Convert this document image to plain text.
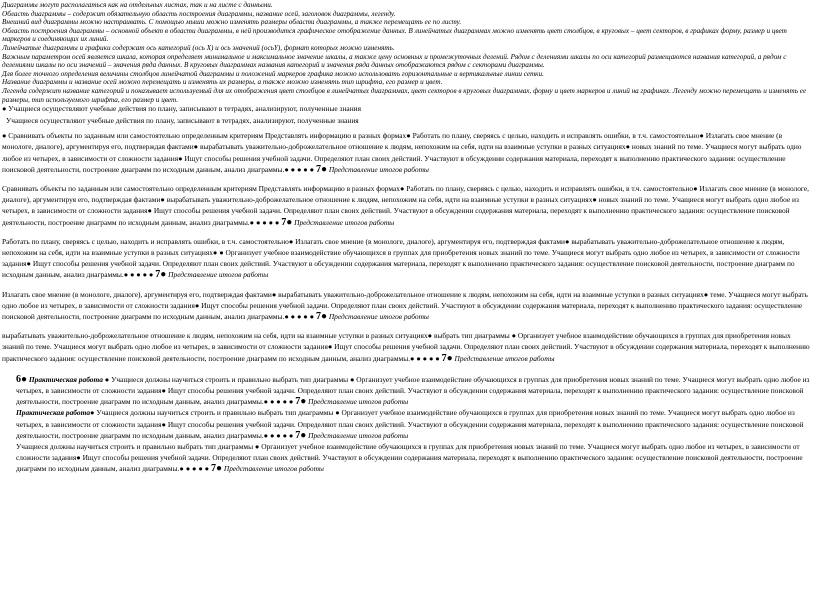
Диаграммы могут располагаться как на отдельных листах, так и на листе с данными.

Область диаграммы – содержит обязательную область построения диаграммы, название осей, заголовок диаграммы, легенду.

Внешний вид диаграммы можно настраивать. С помощью мыши можно изменять размеры области диаграммы, а также перемещать ее по листу.

Область построения диаграммы – основной объект в области диаграммы, в ней производится графическое отображение данных. В линейчатых диаграммах можно изменять цвет столбцов, в круговых – цвет секторов, в графиках форму, размер и цвет маркеров и соединяющих их линий.

Линейчатые диаграммы и графики содержат ось категорий (ось Х) и ось значений (осьY), формат которых можно изменять.

Важным параметром осей является шкала, которая определяет минимальное и максимальное значение шкалы, а также цену основных и промежуточных делений. Рядом с делениями шкалы по оси категорий размещаются названия категорий, а рядом с делениями шкалы по оси значений – значения ряда данных. В круговых диаграммах названия категорий и значения ряда данных отображаются рядом с секторами диаграммы.

Для более точного определения величины столбцов линейчатой диаграммы и положений маркеров графика можно использовать горизонтальные и вертикальные линии сетки.

Название диаграммы и название осей можно перемещать и изменять их размеры, а также можно изменять тип шрифта, его размер и цвет.

Легенда содержит название категорий и показывает используемый для их отображения цвет столбцов в линейчатых диаграммах, цвет секторов в круговых диаграммах, форму и цвет маркеров и линий на графиках. Легенду можно перемещать и изменять ее размеры, тип используемого шрифта, его размер и цвет.

● Учащиеся осуществляют учебные действия по плану, записывают в тетрадях, анализируют, полученные знания

Учащиеся осуществляют учебные действия по плану, записывают в тетрадях, анализируют, полученные знания

● Сравнивать объекты по заданным или самостоятельно определенным критериям Представлять информацию в разных формах● Работать по плану, сверяясь с целью, находить и исправлять ошибки, в т.ч. самостоятельно● Излагать свое мнение (в монологе, диалоге), аргументируя его, подтверждая фактами● вырабатывать уважительно-доброжелательное отношение к людям, непохожим на себя, идти на взаимные уступки в разных ситуациях● новых знаний по теме. Учащиеся могут выбрать одно любое из четырех, в зависимости от сложности задания● Ищут способы решения учебной задачи. Определяют план своих действий. Участвуют в обсуждении содержания материала, переходят к выполнению практического задания: осуществление поисковой деятельности, построение диаграмм по исходным данным, анализ диаграммы.● ● ● ● ● 7● Представление итогов работы

Сравнивать объекты по заданным или самостоятельно определенным критериям Представлять информацию в разных формах● Работать по плану, сверяясь с целью, находить и исправлять ошибки, в т.ч. самостоятельно● Излагать свое мнение (в монологе, диалоге), аргументируя его, подтверждая фактами● вырабатывать уважительно-доброжелательное отношение к людям, непохожим на себя, идти на взаимные уступки в разных ситуациях● новых знаний по теме. Учащиеся могут выбрать одно любое из четырех, в зависимости от сложности задания● Ищут способы решения учебной задачи. Определяют план своих действий. Участвуют в обсуждении содержания материала, переходят к выполнению практического задания: осуществление поисковой деятельности, построение диаграмм по исходным данным, анализ диаграммы.● ● ● ● ● 7● Представление итогов работы

Работать по плану, сверяясь с целью, находить и исправлять ошибки, в т.ч. самостоятельно● Излагать свое мнение (в монологе, диалоге), аргументируя его, подтверждая фактами● вырабатывать уважительно-доброжелательное отношение к людям, непохожим на себя, идти на взаимные уступки в разных ситуациях● ● Организует учебное взаимодействие обучающихся в группах для приобретения новых знаний по теме. Учащиеся могут выбрать одно любое из четырех, в зависимости от сложности задания● Ищут способы решения учебной задачи. Определяют план своих действий. Участвуют в обсуждении содержания материала, переходят к выполнению практического задания: осуществление поисковой деятельности, построение диаграмм по исходным данным, анализ диаграммы.● ● ● ● ● 7● Представление итогов работы

Излагать свое мнение (в монологе, диалоге), аргументируя его, подтверждая фактами● вырабатывать уважительно-доброжелательное отношение к людям, непохожим на себя, идти на взаимные уступки в разных ситуациях● теме. Учащиеся могут выбрать одно любое из четырех, в зависимости от сложности задания● Ищут способы решения учебной задачи. Определяют план своих действий. Участвуют в обсуждении содержания материала, переходят к выполнению практического задания: осуществление поисковой деятельности, построение диаграмм по исходным данным, анализ диаграммы.● ● ● ● ● 7● Представление итогов работы

вырабатывать уважительно-доброжелательное отношение к людям, непохожим на себя, идти на взаимные уступки в разных ситуациях● выбрать тип диаграммы ● Организует учебное взаимодействие обучающихся в группах для приобретения новых знаний по теме. Учащиеся могут выбрать одно любое из четырех, в зависимости от сложности задания● Ищут способы решения учебной задачи. Определяют план своих действий. Участвуют в обсуждении содержания материала, переходят к выполнению практического задания: осуществление поисковой деятельности, построение диаграмм по исходным данным, анализ диаграммы.● ● ● ● ● 7● Представление итогов работы

6● Практическая работа ● Учащиеся должны научиться строить и правильно выбрать тип диаграммы ● Организует учебное взаимодействие обучающихся в группах для приобретения новых знаний по теме. Учащиеся могут выбрать одно любое из четырех, в зависимости от сложности задания● Ищут способы решения учебной задачи. Определяют план своих действий. Участвуют в обсуждении содержания материала, переходят к выполнению практического задания: осуществление поисковой деятельности, построение диаграмм по исходным данным, анализ диаграммы.● ● ● ● ● 7● Представление итогов работы

Практическая работа● Учащиеся должны научиться строить и правильно выбрать тип диаграммы ● Организует учебное взаимодействие обучающихся в группах для приобретения новых знаний по теме. Учащиеся могут выбрать одно любое из четырех, в зависимости от сложности задания● Ищут способы решения учебной задачи. Определяют план своих действий. Участвуют в обсуждении содержания материала, переходят к выполнению практического задания: осуществление поисковой деятельности, построение диаграмм по исходным данным, анализ диаграммы.● ● ● ● ● 7● Представление итогов работы

Учащиеся должны научиться строить и правильно выбрать тип диаграммы ● Организует учебное взаимодействие обучающихся в группах для приобретения новых знаний по теме. Учащиеся могут выбрать одно любое из четырех, в зависимости от сложности задания● Ищут способы решения учебной задачи. Определяют план своих действий. Участвуют в обсуждении содержания материала, переходят к выполнению практического задания: осуществление поисковой деятельности, построение диаграмм по исходным данным, анализ диаграммы.● ● ● ● ● 7● Представление итогов работы
